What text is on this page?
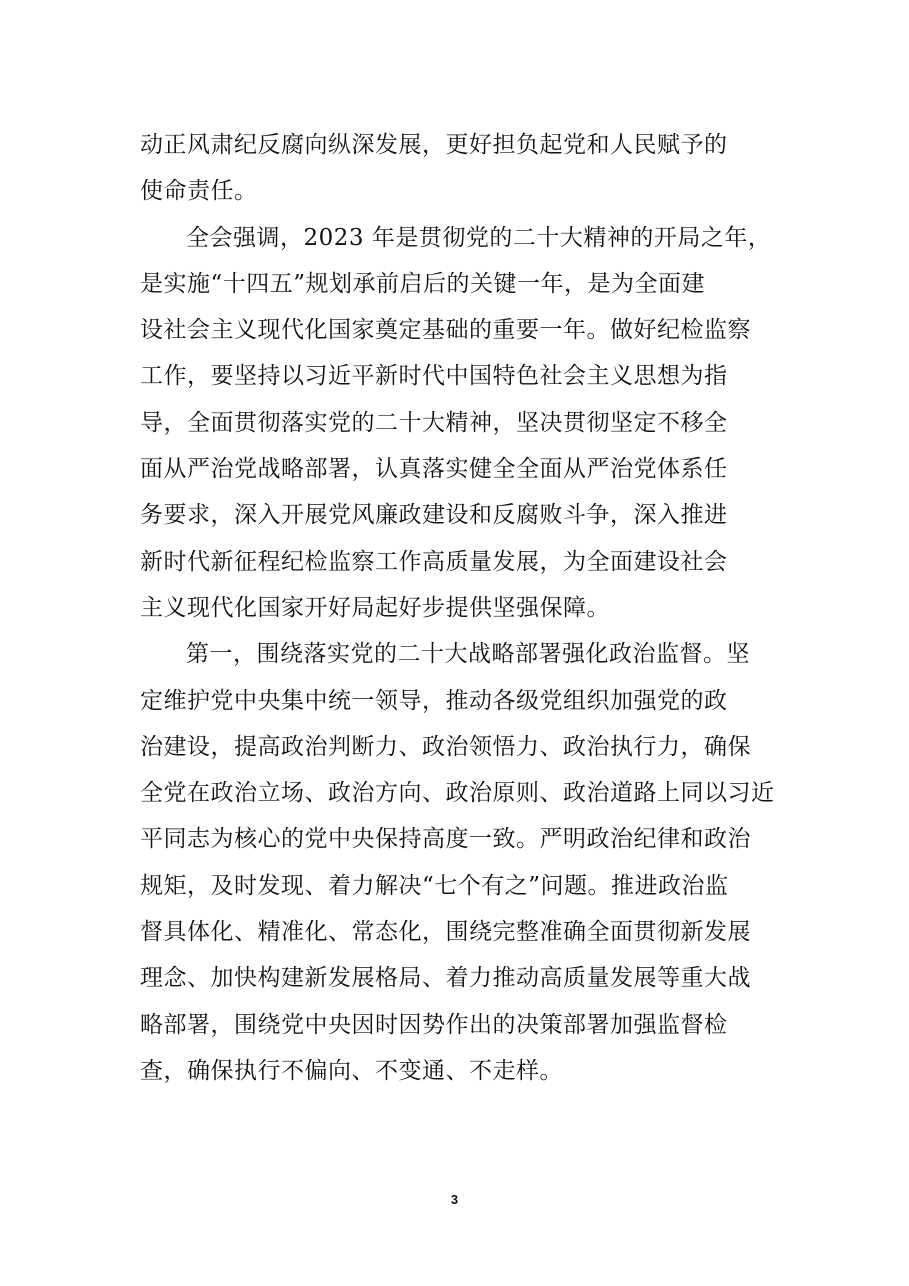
动正风肃纪反腐向纵深发展，更好担负起党和人民赋予的
使命责任。
全会强调，2023 年是贯彻党的二十大精神的开局之年，
是实施“十四五”规划承前启后的关键一年，是为全面建
设社会主义现代化国家奠定基础的重要一年。做好纪检监察
工作，要坚持以习近平新时代中国特色社会主义思想为指
导，全面贯彻落实党的二十大精神，坚决贯彻坚定不移全
面从严治党战略部署，认真落实健全全面从严治党体系任
务要求，深入开展党风廉政建设和反腐败斗争，深入推进
新时代新征程纪检监察工作高质量发展，为全面建设社会
主义现代化国家开好局起好步提供坚强保障。
第一，围绕落实党的二十大战略部署强化政治监督。坚
定维护党中央集中统一领导，推动各级党组织加强党的政
治建设，提高政治判断力、政治领悟力、政治执行力，确保
全党在政治立场、政治方向、政治原则、政治道路上同以习近
平同志为核心的党中央保持高度一致。严明政治纪律和政治
规矩，及时发现、着力解决“七个有之”问题。推进政治监
督具体化、精准化、常态化，围绕完整准确全面贯彻新发展
理念、加快构建新发展格局、着力推动高质量发展等重大战
略部署，围绕党中央因时因势作出的决策部署加强监督检
查，确保执行不偏向、不变通、不走样。
3
